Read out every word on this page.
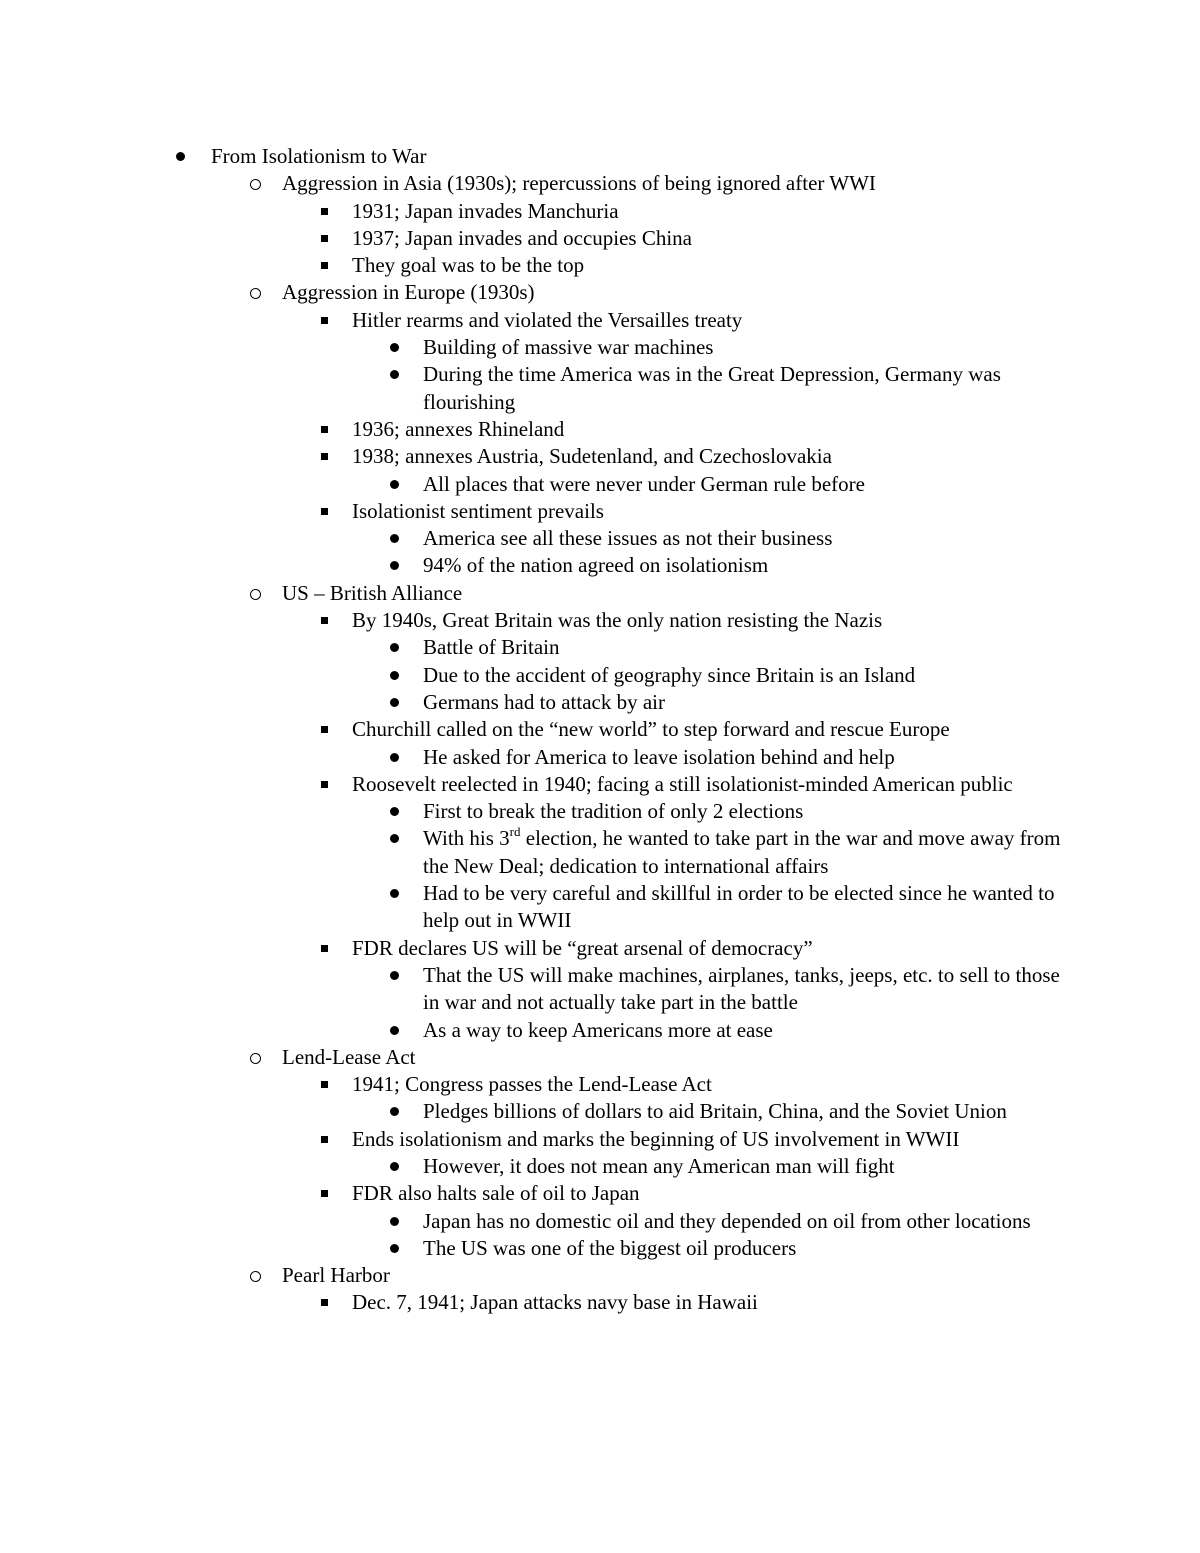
From Isolationism to War
Aggression in Asia (1930s); repercussions of being ignored after WWI
1931; Japan invades Manchuria
1937; Japan invades and occupies China
They goal was to be the top
Aggression in Europe (1930s)
Hitler rearms and violated the Versailles treaty
Building of massive war machines
During the time America was in the Great Depression, Germany was flourishing
1936; annexes Rhineland
1938; annexes Austria, Sudetenland, and Czechoslovakia
All places that were never under German rule before
Isolationist sentiment prevails
America see all these issues as not their business
94% of the nation agreed on isolationism
US – British Alliance
By 1940s, Great Britain was the only nation resisting the Nazis
Battle of Britain
Due to the accident of geography since Britain is an Island
Germans had to attack by air
Churchill called on the “new world” to step forward and rescue Europe
He asked for America to leave isolation behind and help
Roosevelt reelected in 1940; facing a still isolationist-minded American public
First to break the tradition of only 2 elections
With his 3rd election, he wanted to take part in the war and move away from the New Deal; dedication to international affairs
Had to be very careful and skillful in order to be elected since he wanted to help out in WWII
FDR declares US will be “great arsenal of democracy”
That the US will make machines, airplanes, tanks, jeeps, etc. to sell to those in war and not actually take part in the battle
As a way to keep Americans more at ease
Lend-Lease Act
1941; Congress passes the Lend-Lease Act
Pledges billions of dollars to aid Britain, China, and the Soviet Union
Ends isolationism and marks the beginning of US involvement in WWII
However, it does not mean any American man will fight
FDR also halts sale of oil to Japan
Japan has no domestic oil and they depended on oil from other locations
The US was one of the biggest oil producers
Pearl Harbor
Dec. 7, 1941; Japan attacks navy base in Hawaii
